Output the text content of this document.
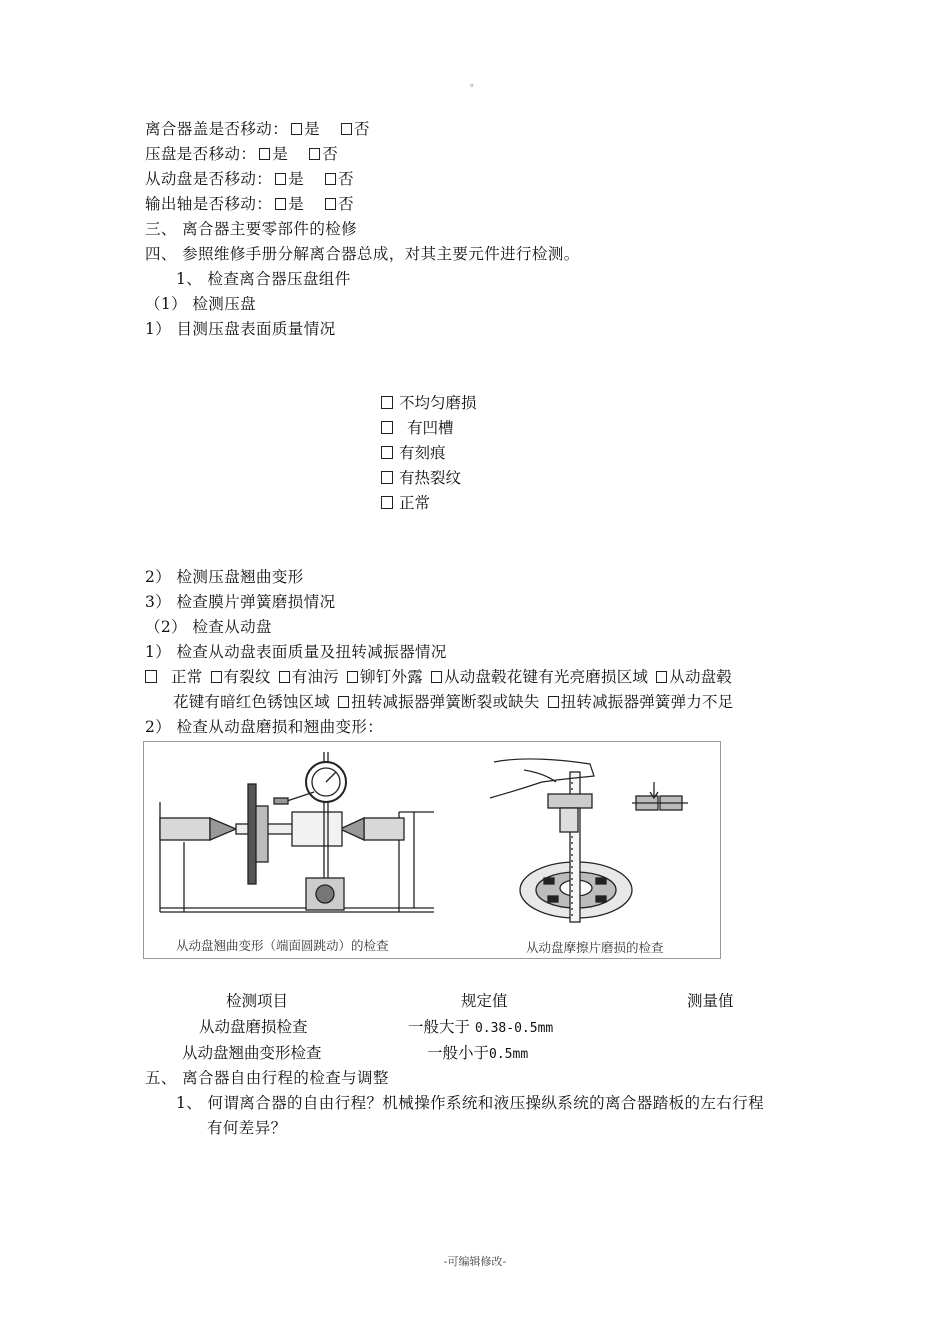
。
离合器盖是否移动： 是 否
压盘是否移动： 是 否
从动盘是否移动： 是 否
输出轴是否移动： 是 否
三、 离合器主要零部件的检修
四、 参照维修手册分解离合器总成，对其主要元件进行检测。
1、 检查离合器压盘组件
（1） 检测压盘
1） 目测压盘表面质量情况
不均匀磨损
有凹槽
有刻痕
有热裂纹
正常
2） 检测压盘翘曲变形
3） 检查膜片弹簧磨损情况
（2） 检查从动盘
1） 检查从动盘表面质量及扭转减振器情况
正常 有裂纹 有油污 铆钉外露 从动盘毂花键有光亮磨损区域 从动盘毂
花键有暗红色锈蚀区域 扭转减振器弹簧断裂或缺失 扭转减振器弹簧弹力不足
2） 检查从动盘磨损和翘曲变形：
从动盘翘曲变形（端面圆跳动）的检查	从动盘摩擦片磨损的检查
检测项目	规定值	测量值
从动盘磨损检查	一般大于 0.38-0.5mm
从动盘翘曲变形检查	一般小于0.5mm
五、 离合器自由行程的检查与调整
1、 何谓离合器的自由行程？机械操作系统和液压操纵系统的离合器踏板的左右行程
有何差异？
-可编辑修改-
